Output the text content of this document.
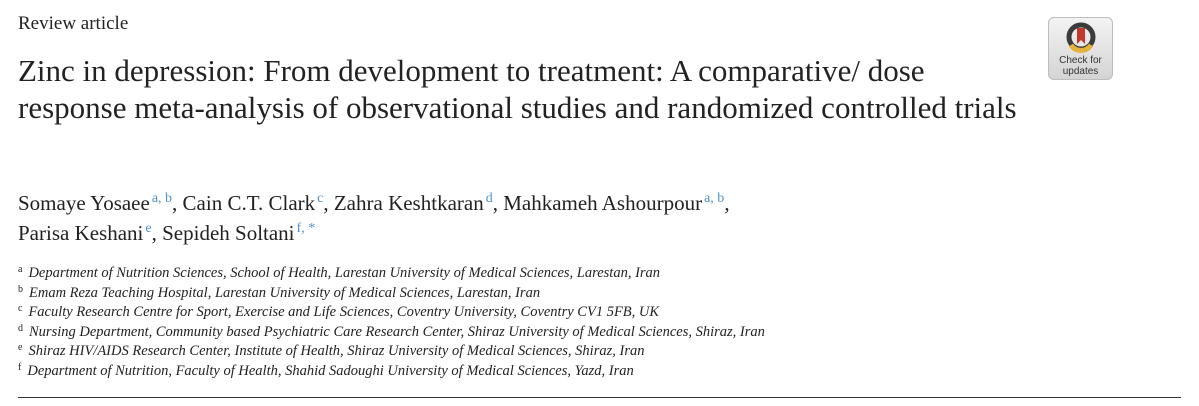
Review article
Zinc in depression: From development to treatment: A comparative/ dose response meta-analysis of observational studies and randomized controlled trials
Check for
updates
Somaye Yosaee $^{a, b}$, Cain C.T. Clark $^c$, Zahra Keshtkaran $^d$, Mahkameh Ashourpour $^{a, b}$,
Parisa Keshani $^e$, Sepideh Soltani $^{f, *}$
$^a$ Department of Nutrition Sciences, School of Health, Larestan University of Medical Sciences, Larestan, Iran
$^b$ Emam Reza Teaching Hospital, Larestan University of Medical Sciences, Larestan, Iran
$^c$ Faculty Research Centre for Sport, Exercise and Life Sciences, Coventry University, Coventry CV1 5FB, UK
$^d$ Nursing Department, Community based Psychiatric Care Research Center, Shiraz University of Medical Sciences, Shiraz, Iran
$^e$ Shiraz HIV/AIDS Research Center, Institute of Health, Shiraz University of Medical Sciences, Shiraz, Iran
$^f$ Department of Nutrition, Faculty of Health, Shahid Sadoughi University of Medical Sciences, Yazd, Iran
